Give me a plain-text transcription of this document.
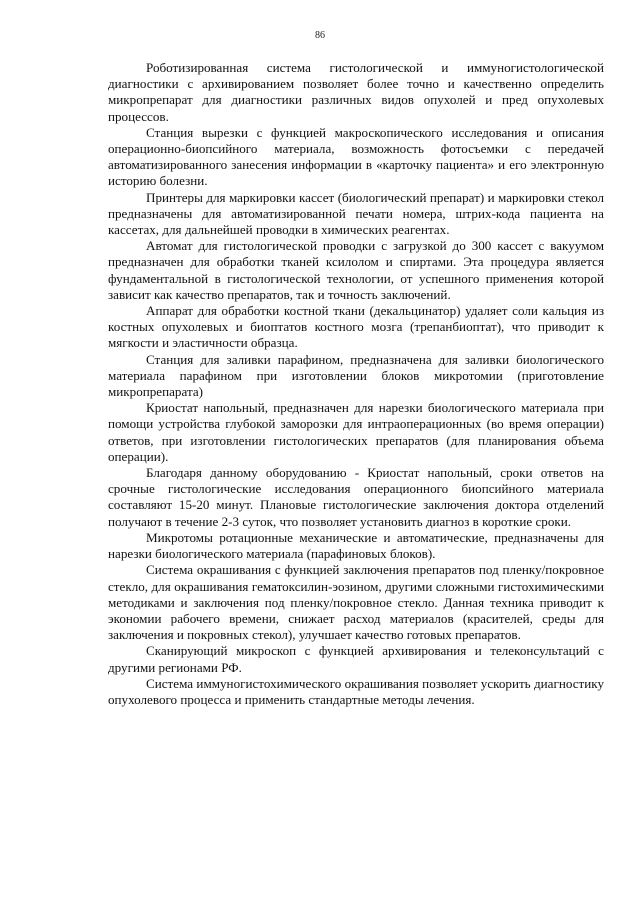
86

Роботизированная система гистологической и иммуногистологической диагностики с архивированием позволяет более точно и качественно определить микропрепарат для диагностики различных видов опухолей и пред опухолевых процессов.

Станция вырезки с функцией макроскопического исследования и описания операционно-биопсийного материала, возможность фотосъемки с передачей автоматизированного занесения информации в «карточку пациента» и его электронную историю болезни.

Принтеры для маркировки кассет (биологический препарат) и маркировки стекол предназначены для автоматизированной печати номера, штрих-кода пациента на кассетах, для дальнейшей проводки в химических реагентах.

Автомат для гистологической проводки с загрузкой до 300 кассет с вакуумом предназначен для обработки тканей ксилолом и спиртами. Эта процедура является фундаментальной в гистологической технологии, от успешного применения которой зависит как качество препаратов, так и точность заключений.

Аппарат для обработки костной ткани (декальцинатор) удаляет соли кальция из костных опухолевых и биоптатов костного мозга (трепанбиоптат), что приводит к мягкости и эластичности образца.

Станция для заливки парафином, предназначена для заливки биологического материала парафином при изготовлении блоков микротомии (приготовление микропрепарата)

Криостат напольный, предназначен для нарезки биологического материала при помощи устройства глубокой заморозки для интраоперационных (во время операции) ответов, при изготовлении гистологических препаратов (для планирования объема операции).

Благодаря данному оборудованию - Криостат напольный, сроки ответов на срочные гистологические исследования операционного биопсийного материала составляют 15-20 минут. Плановые гистологические заключения доктора отделений получают в течение 2-3 суток, что позволяет установить диагноз в короткие сроки.

Микротомы ротационные механические и автоматические, предназначены для нарезки биологического материала (парафиновых блоков).

Система окрашивания с функцией заключения препаратов под пленку/покровное стекло, для окрашивания гематоксилин-эозином, другими сложными гистохимическими методиками и заключения под пленку/покровное стекло. Данная техника приводит к экономии рабочего времени, снижает расход материалов (красителей, среды для заключения и покровных стекол), улучшает качество готовых препаратов.

Сканирующий микроскоп с функцией архивирования и телеконсультаций с другими регионами РФ.

Система иммуногистохимического окрашивания позволяет ускорить диагностику опухолевого процесса и применить стандартные методы лечения.
